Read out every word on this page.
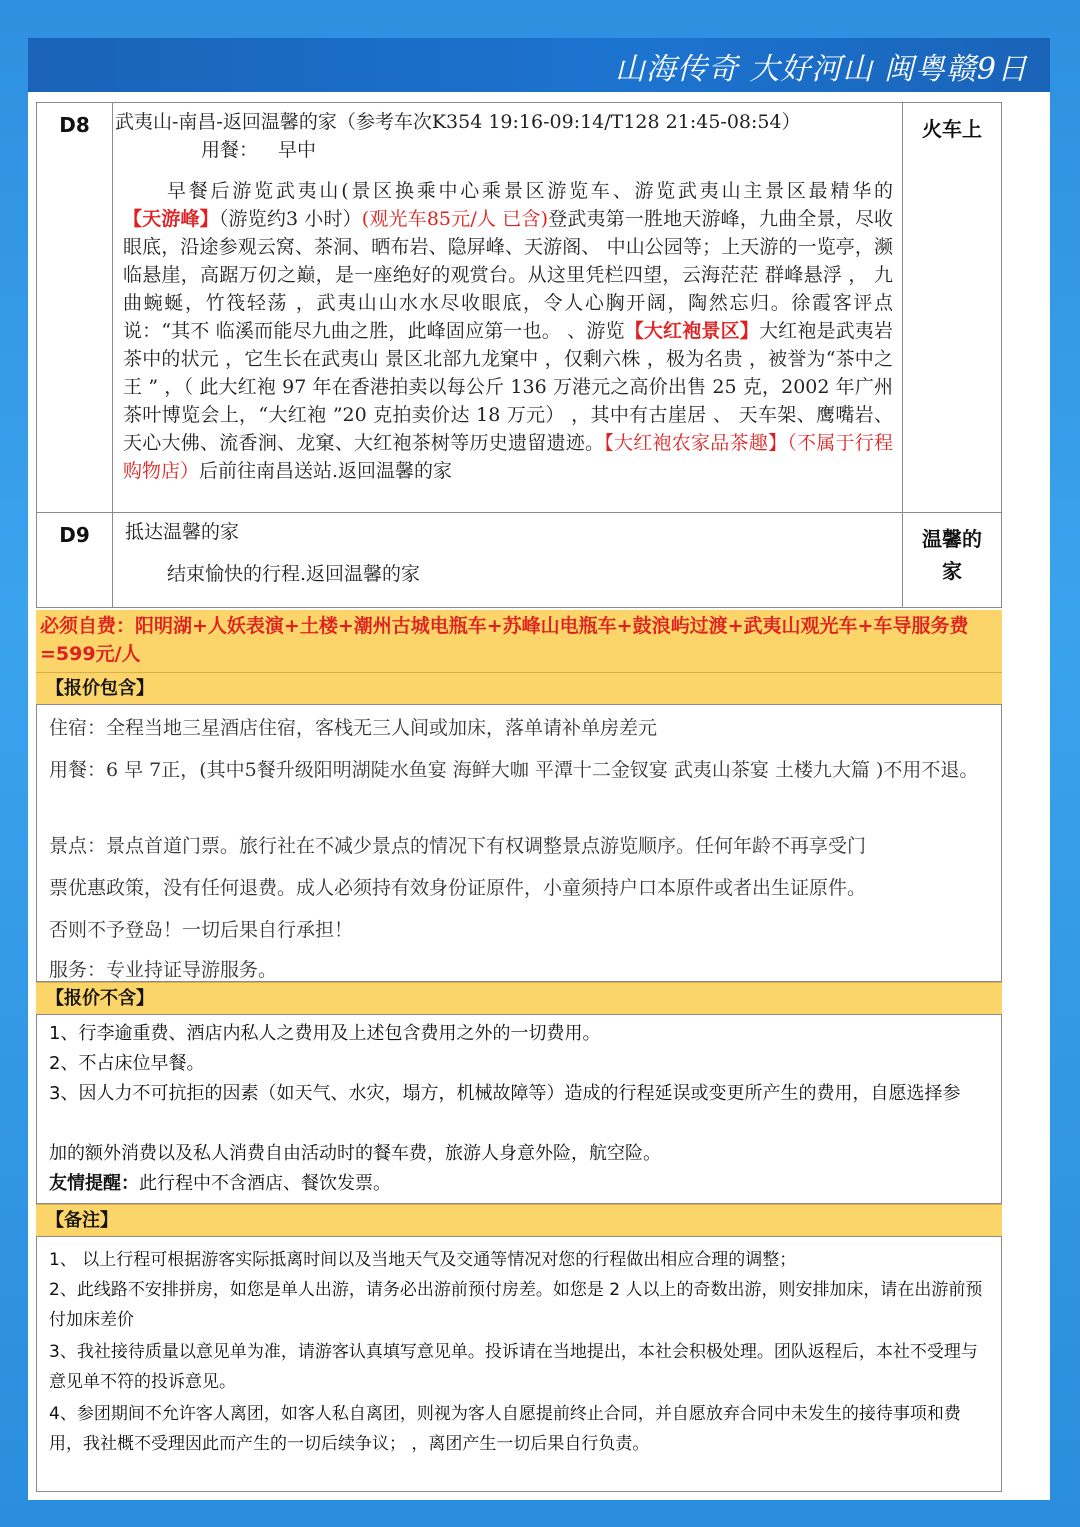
山海传奇 大好河山 闽粤赣9日
D8	武夷山-南昌-返回温馨的家（参考车次K354 19:16-09:14/T128 21:45-08:54）
用餐： 早中
早餐后游览武夷山(景区换乘中心乘景区游览车、游览武夷山主景区最精华的【天游峰】（游览约3 小时）(观光车85元/人 已含)登武夷第一胜地天游峰，九曲全景，尽收眼底，沿途参观云窝、茶洞、晒布岩、隐屏峰、天游阁、 中山公园等；上天游的一览亭，濒临悬崖，高踞万仞之巅，是一座绝好的观赏台。从这里凭栏四望，云海茫茫 群峰悬浮 ， 九曲蜿蜒，竹筏轻荡 ，武夷山山水水尽收眼底，令人心胸开阔，陶然忘归。徐霞客评点说：“其不 临溪而能尽九曲之胜，此峰固应第一也。 、游览【大红袍景区】大红袍是武夷岩茶中的状元 ，它生长在武夷山 景区北部九龙窠中 ，仅剩六株 ，极为名贵 ，被誉为“茶中之王 ” ，（ 此大红袍 97 年在香港拍卖以每公斤 136 万港元之高价出售 25 克，2002 年广州茶叶博览会上，“大红袍 ”20 克拍卖价达 18 万元） ，其中有古崖居 、 天车架、鹰嘴岩、天心大佛、流香涧、龙窠、大红袍茶树等历史遗留遗迹。【大红袍农家品茶趣】（不属于行程购物店）后前往南昌送站.返回温馨的家
火车上
D9	抵达温馨的家
结束愉快的行程.返回温馨的家
温馨的
家
必须自费：阳明湖+人妖表演+土楼+潮州古城电瓶车+苏峰山电瓶车+鼓浪屿过渡+武夷山观光车+车导服务费=599元/人
【报价包含】

住宿：全程当地三星酒店住宿，客栈无三人间或加床，落单请补单房差元

用餐：6 早 7正，(其中5餐升级阳明湖陡水鱼宴 海鲜大咖 平潭十二金钗宴 武夷山茶宴 土楼九大篇 )不用不退。

景点：景点首道门票。旅行社在不减少景点的情况下有权调整景点游览顺序。任何年龄不再享受门

票优惠政策，没有任何退费。成人必须持有效身份证原件，小童须持户口本原件或者出生证原件。

否则不予登岛！一切后果自行承担！

服务：专业持证导游服务。

【报价不含】

1、行李逾重费、酒店内私人之费用及上述包含费用之外的一切费用。

2、不占床位早餐。

3、因人力不可抗拒的因素（如天气、水灾，塌方，机械故障等）造成的行程延误或变更所产生的费用，自愿选择参

加的额外消费以及私人消费自由活动时的餐车费，旅游人身意外险，航空险。

友情提醒：此行程中不含酒店、餐饮发票。

【备注】

1、 以上行程可根据游客实际抵离时间以及当地天气及交通等情况对您的行程做出相应合理的调整；

2、此线路不安排拼房，如您是单人出游，请务必出游前预付房差。如您是 2 人以上的奇数出游，则安排加床，请在出游前预付加床差价

3、我社接待质量以意见单为准，请游客认真填写意见单。投诉请在当地提出，本社会积极处理。团队返程后，本社不受理与意见单不符的投诉意见。

4、参团期间不允许客人离团，如客人私自离团，则视为客人自愿提前终止合同，并自愿放弃合同中未发生的接待事项和费用，我社概不受理因此而产生的一切后续争议； ，离团产生一切后果自行负责。
